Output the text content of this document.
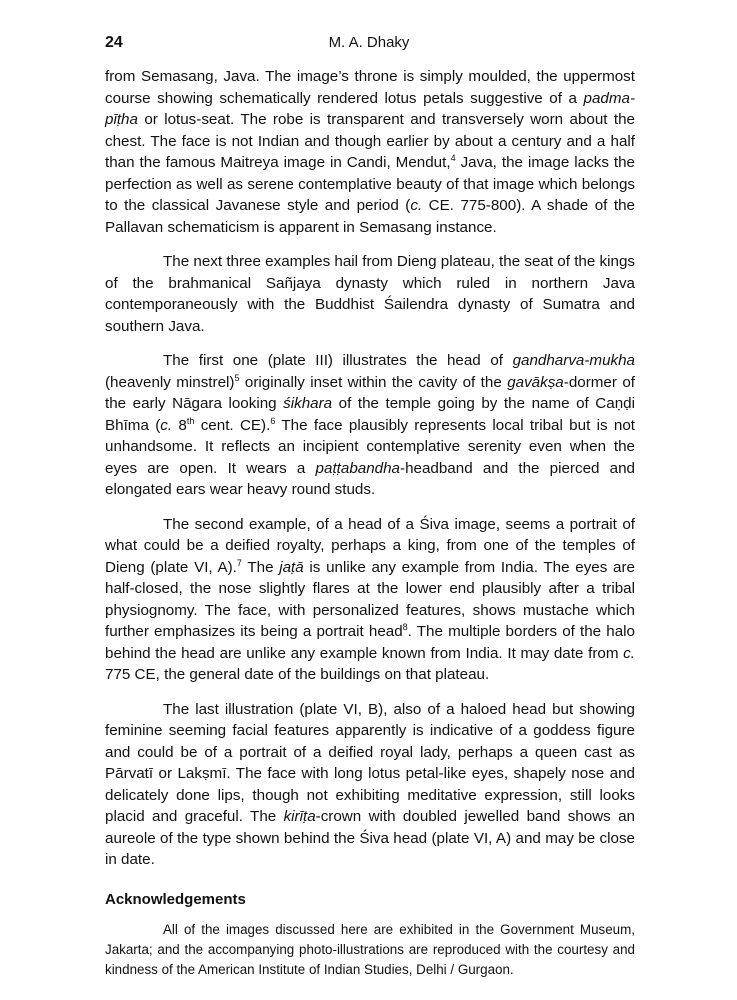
24	M. A. Dhaky

from Semasang, Java. The image’s throne is simply moulded, the uppermost course showing schematically rendered lotus petals suggestive of a padma-pīṭha or lotus-seat. The robe is transparent and transversely worn about the chest. The face is not Indian and though earlier by about a century and a half than the famous Maitreya image in Candi, Mendut,$^4$ Java, the image lacks the perfection as well as serene contemplative beauty of that image which belongs to the classical Javanese style and period (c. CE. 775-800). A shade of the Pallavan schematicism is apparent in Semasang instance.

The next three examples hail from Dieng plateau, the seat of the kings of the brahmanical Sañjaya dynasty which ruled in northern Java contemporaneously with the Buddhist Śailendra dynasty of Sumatra and southern Java.

The first one (plate III) illustrates the head of gandharva-mukha (heavenly minstrel)$^5$ originally inset within the cavity of the gavākṣa-dormer of the early Nāgara looking śikhara of the temple going by the name of Caṇḍi Bhīma (c. 8th cent. CE).$^6$ The face plausibly represents local tribal but is not unhandsome. It reflects an incipient contemplative serenity even when the eyes are open. It wears a paṭṭabandha-headband and the pierced and elongated ears wear heavy round studs.

The second example, of a head of a Śiva image, seems a portrait of what could be a deified royalty, perhaps a king, from one of the temples of Dieng (plate VI, A).$^7$ The jaṭā is unlike any example from India. The eyes are half-closed, the nose slightly flares at the lower end plausibly after a tribal physiognomy. The face, with personalized features, shows mustache which further emphasizes its being a portrait head$^8$. The multiple borders of the halo behind the head are unlike any example known from India. It may date from c. 775 CE, the general date of the buildings on that plateau.

The last illustration (plate VI, B), also of a haloed head but showing feminine seeming facial features apparently is indicative of a goddess figure and could be of a portrait of a deified royal lady, perhaps a queen cast as Pārvatī or Lakṣmī. The face with long lotus petal-like eyes, shapely nose and delicately done lips, though not exhibiting meditative expression, still looks placid and graceful. The kirīṭa-crown with doubled jewelled band shows an aureole of the type shown behind the Śiva head (plate VI, A) and may be close in date.

Acknowledgements

All of the images discussed here are exhibited in the Government Museum, Jakarta; and the accompanying photo-illustrations are reproduced with the courtesy and kindness of the American Institute of Indian Studies, Delhi / Gurgaon.
